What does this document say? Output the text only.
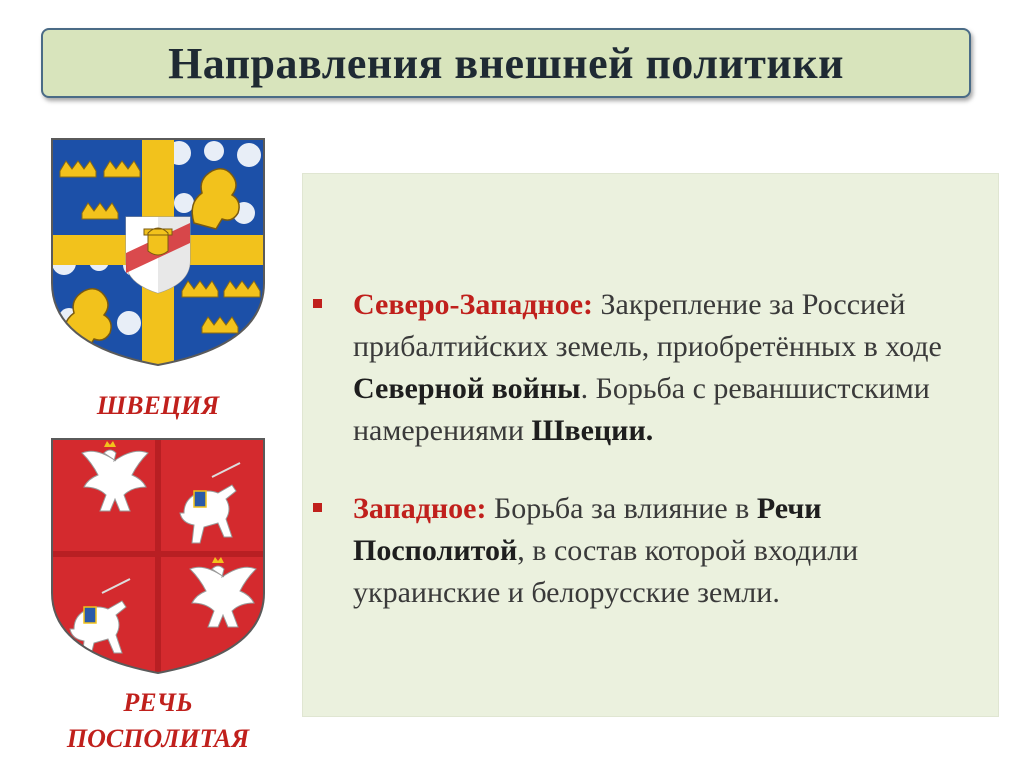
Направления внешней политики
ШВЕЦИЯ
РЕЧЬ
ПОСПОЛИТАЯ
Северо-Западное: Закрепление за Россией прибалтийских земель, приобретённых в ходе Северной войны. Борьба с реваншистскими намерениями Швеции.
Западное: Борьба за влияние в Речи Посполитой, в состав которой входили украинские и белорусские земли.
